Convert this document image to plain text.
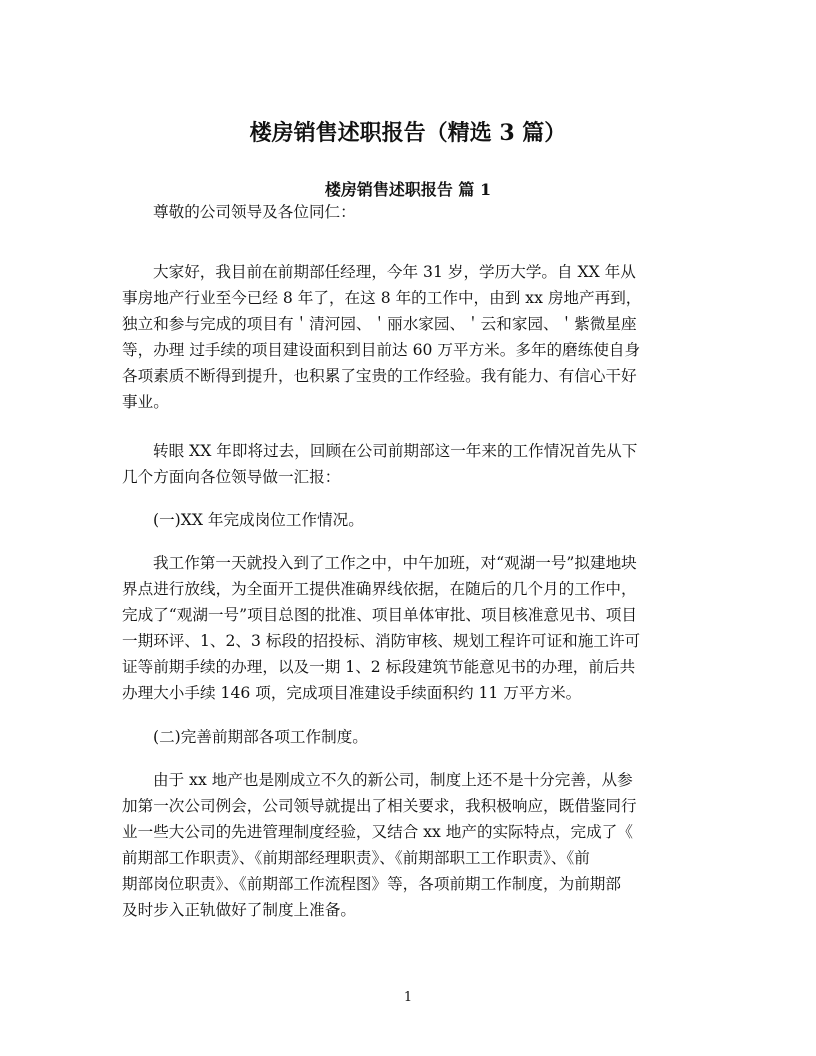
楼房销售述职报告（精选 3 篇）
楼房销售述职报告 篇 1
尊敬的公司领导及各位同仁：
大家好，我目前在前期部任经理，今年 31 岁，学历大学。自 XX 年从
事房地产行业至今已经 8 年了，在这 8 年的工作中，由到 xx 房地产再到，
独立和参与完成的项目有＇清河园、＇丽水家园、＇云和家园、＇紫微星座
等，办理 过手续的项目建设面积到目前达 60 万平方米。多年的磨练使自身
各项素质不断得到提升，也积累了宝贵的工作经验。我有能力、有信心干好
事业。
转眼 XX 年即将过去，回顾在公司前期部这一年来的工作情况首先从下
几个方面向各位领导做一汇报：
(一)XX 年完成岗位工作情况。
我工作第一天就投入到了工作之中，中午加班，对“观湖一号”拟建地块
界点进行放线，为全面开工提供准确界线依据，在随后的几个月的工作中，
完成了“观湖一号”项目总图的批准、项目单体审批、项目核准意见书、项目
一期环评、1、2、3 标段的招投标、消防审核、规划工程许可证和施工许可
证等前期手续的办理，以及一期 1、2 标段建筑节能意见书的办理，前后共
办理大小手续 146 项，完成项目准建设手续面积约 11 万平方米。
(二)完善前期部各项工作制度。
由于 xx 地产也是刚成立不久的新公司，制度上还不是十分完善，从参
加第一次公司例会，公司领导就提出了相关要求，我积极响应，既借鉴同行
业一些大公司的先进管理制度经验，又结合 xx 地产的实际特点，完成了《
前期部工作职责》、《前期部经理职责》、《前期部职工工作职责》、《前
期部岗位职责》、《前期部工作流程图》等，各项前期工作制度，为前期部
及时步入正轨做好了制度上准备。
1
